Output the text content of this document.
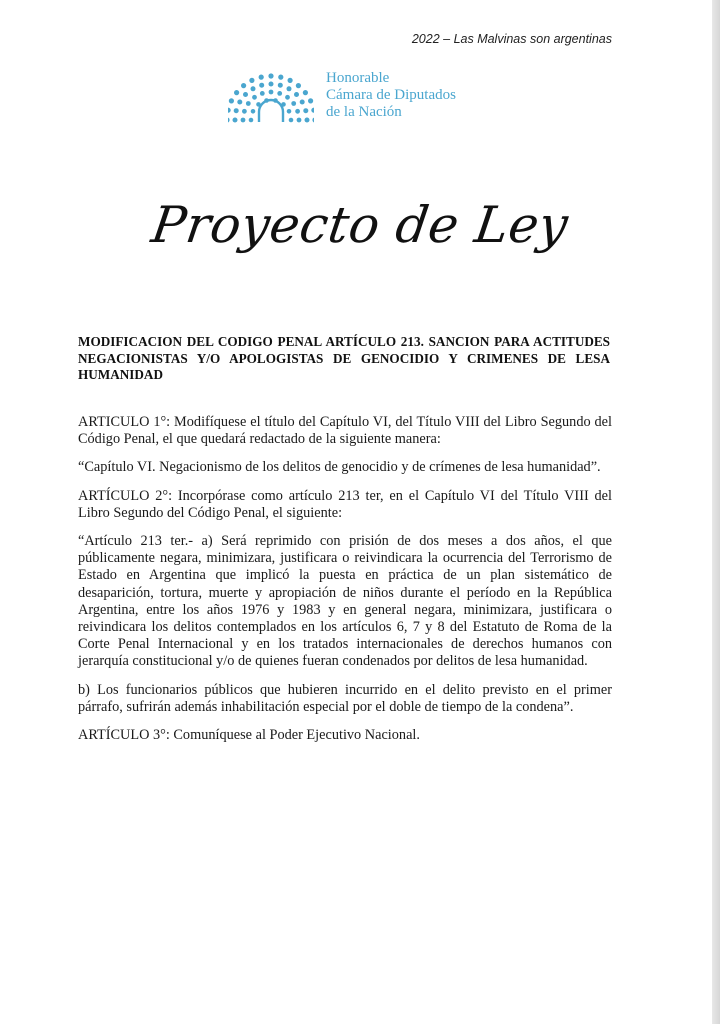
2022 – Las Malvinas son argentinas
Honorable
Cámara de Diputados
de la Nación
Proyecto de Ley
MODIFICACION DEL CODIGO PENAL ARTÍCULO 213. SANCION PARA ACTITUDES NEGACIONISTAS Y/O APOLOGISTAS DE GENOCIDIO Y CRIMENES DE LESA HUMANIDAD

ARTICULO 1°: Modifíquese el título del Capítulo VI, del Título VIII del Libro Segundo del Código Penal, el que quedará redactado de la siguiente manera:

“Capítulo VI. Negacionismo de los delitos de genocidio y de crímenes de lesa humanidad”.

ARTÍCULO 2°: Incorpórase como artículo 213 ter, en el Capítulo VI del Título VIII del Libro Segundo del Código Penal, el siguiente:

“Artículo 213 ter.- a) Será reprimido con prisión de dos meses a dos años, el que públicamente negara, minimizara, justificara o reivindicara la ocurrencia del Terrorismo de Estado en Argentina que implicó la puesta en práctica de un plan sistemático de desaparición, tortura, muerte y apropiación de niños durante el período en la República Argentina, entre los años 1976 y 1983 y en general negara, minimizara, justificara o reivindicara los delitos contemplados en los artículos 6, 7 y 8 del Estatuto de Roma de la Corte Penal Internacional y en los tratados internacionales de derechos humanos con jerarquía constitucional y/o de quienes fueran condenados por delitos de lesa humanidad.

b) Los funcionarios públicos que hubieren incurrido en el delito previsto en el primer párrafo, sufrirán además inhabilitación especial por el doble de tiempo de la condena”.

ARTÍCULO 3°: Comuníquese al Poder Ejecutivo Nacional.
